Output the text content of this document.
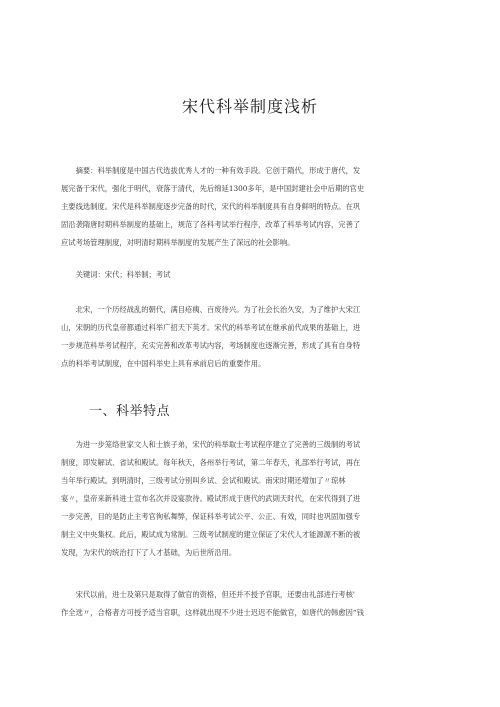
宋代科举制度浅析

摘要：科举制度是中国古代选拔优秀人才的一种有效手段。它创于隋代，形成于唐代，发
展完备于宋代，强化于明代，衰落于清代，先后绵延1300多年，是中国封建社会中后期的官史
主要线选制度。宋代是科举制度逐步完备的时代，宋代的科举制度具有自身鲜明的特点。在巩
固沿袭隋唐时期科举制度的基础上，规范了各科考试举行程序，改革了科举考试内容，完善了
应试考场管理制度，对明清时期科举制度的发展产生了深远的社会影响。

关键词：宋代；科举制；考试

北宋，一个历经战乱的朝代，满目疮痍、百废待兴。为了社会长治久安，为了维护大宋江
山，宋朝的历代皇帝都通过科举广招天下英才。宋代的科举考试在继承前代成果的基础上，进
一步规范科举考试程序，充实完善和改革考试内容，考场制度也逐渐完善，形成了具有自身特
点的科举考试制度，在中国科举史上具有承前启后的重要作用。

一、科举特点

为进一步笼络世家文人和士族子弟，宋代的科举取士考试程序建立了完善的三级制的考试
制度，即发解试、省试和殿试。每年秋天，各州举行考试，第二年春天，礼部举行考试，再在
当年举行殿试。到明清时，三级考试分别叫乡试、会试和殿试。南宋时期还增加了〃琼林
宴〃，皇帝来新科进士宣布名次并设宴款待。殿试形成于唐代的武則天时代，在宋代得到了进
一步完善，目的是防止主考官徇私舞弊，保证科举考试公平、公正、有效，同时也巩固加强专
制主义中央集权。此后，殿试成为常制。三级考试制度的建立保证了宋代人才能源源不断的被
发现，为宋代的统治打下了人才基础，为后世所沿用。

宋代以前，进士及第只是取得了做官的资格，但还并不授予官职，还要由礼部进行考核'
作全选〃，合格者方可授予适当官职，这样就出现不少进士迟迟不能做官，如唐代的韩愈因“钱
